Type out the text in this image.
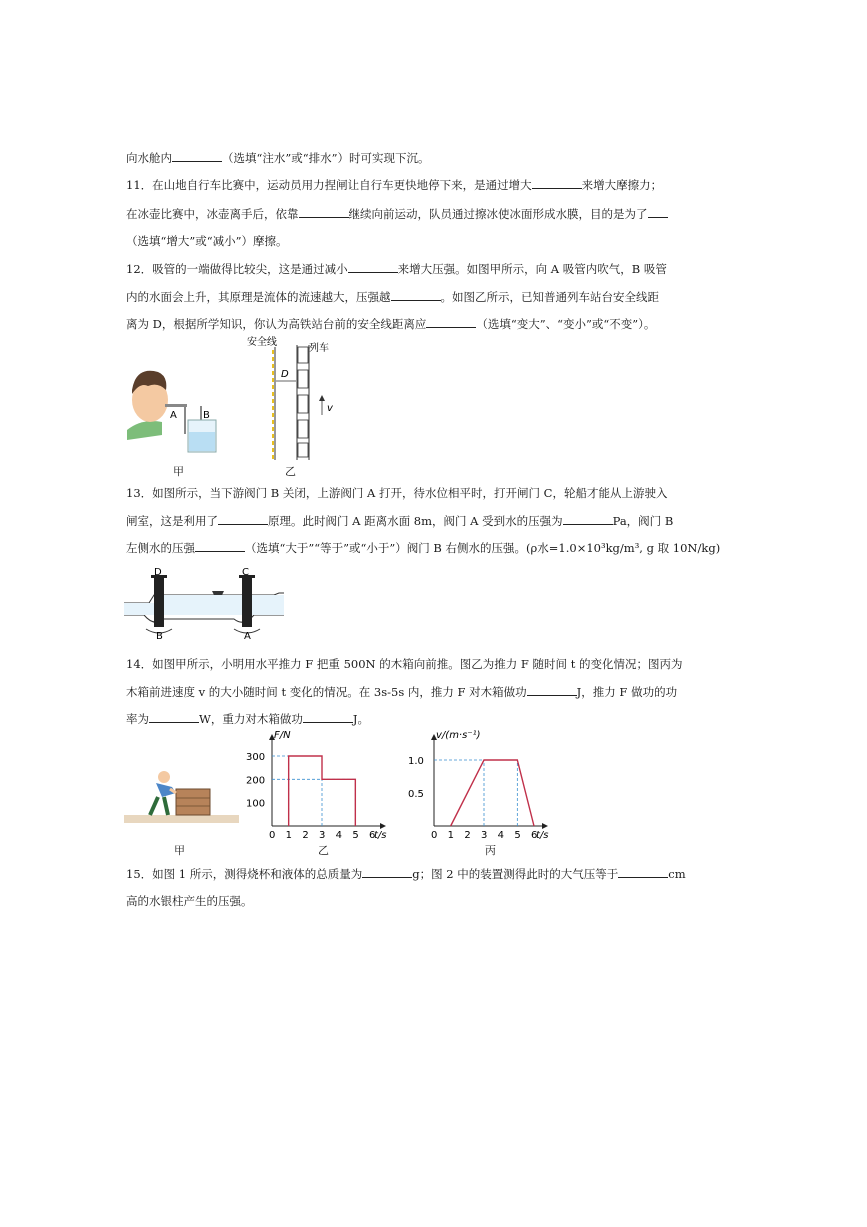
向水舱内	（选填“注水”或“排水”）时可实现下沉。
11．在山地自行车比赛中，运动员用力捏闸让自行车更快地停下来，是通过增大	来增大摩擦力；
在冰壶比赛中，冰壶离手后，依靠	继续向前运动，队员通过擦冰使冰面形成水膜，目的是为了
（选填“增大”或“减小”）摩擦。
12．吸管的一端做得比较尖，这是通过减小	来增大压强。如图甲所示，向 A 吸管内吹气，B 吸管
内的水面会上升，其原理是流体的流速越大，压强越	。如图乙所示，已知普通列车站台安全线距
离为 D，根据所学知识，你认为高铁站台前的安全线距离应	（选填“变大”、“变小”或“不变”）。
A	B
甲
安全线
D
列车
v
乙
13．如图所示，当下游阀门 B 关闭，上游阀门 A 打开，待水位相平时，打开闸门 C，轮船才能从上游驶入
闸室，这是利用了	原理。此时阀门 A 距离水面 8m，阀门 A 受到水的压强为	Pa，阀门 B
左侧水的压强	（选填“大于”“等于”或“小于”）阀门 B 右侧水的压强。(ρ水=1.0×10³kg/m³, g 取 10N/kg)
D	C
B	A
14．如图甲所示，小明用水平推力 F 把重 500N 的木箱向前推。图乙为推力 F 随时间 t 的变化情况；图丙为
木箱前进速度 v 的大小随时间 t 变化的情况。在 3s-5s 内，推力 F 对木箱做功	J，推力 F 做功的功
率为	W，重力对木箱做功	J。
甲
F/N
t/s
0 1 2 3 4 5 6
100
200
300
乙
v/(m·s⁻¹)
t/s
0 1 2 3 4 5 6
0.5
1.0
丙
15．如图 1 所示，测得烧杯和液体的总质量为	g；图 2 中的装置测得此时的大气压等于	cm
高的水银柱产生的压强。
